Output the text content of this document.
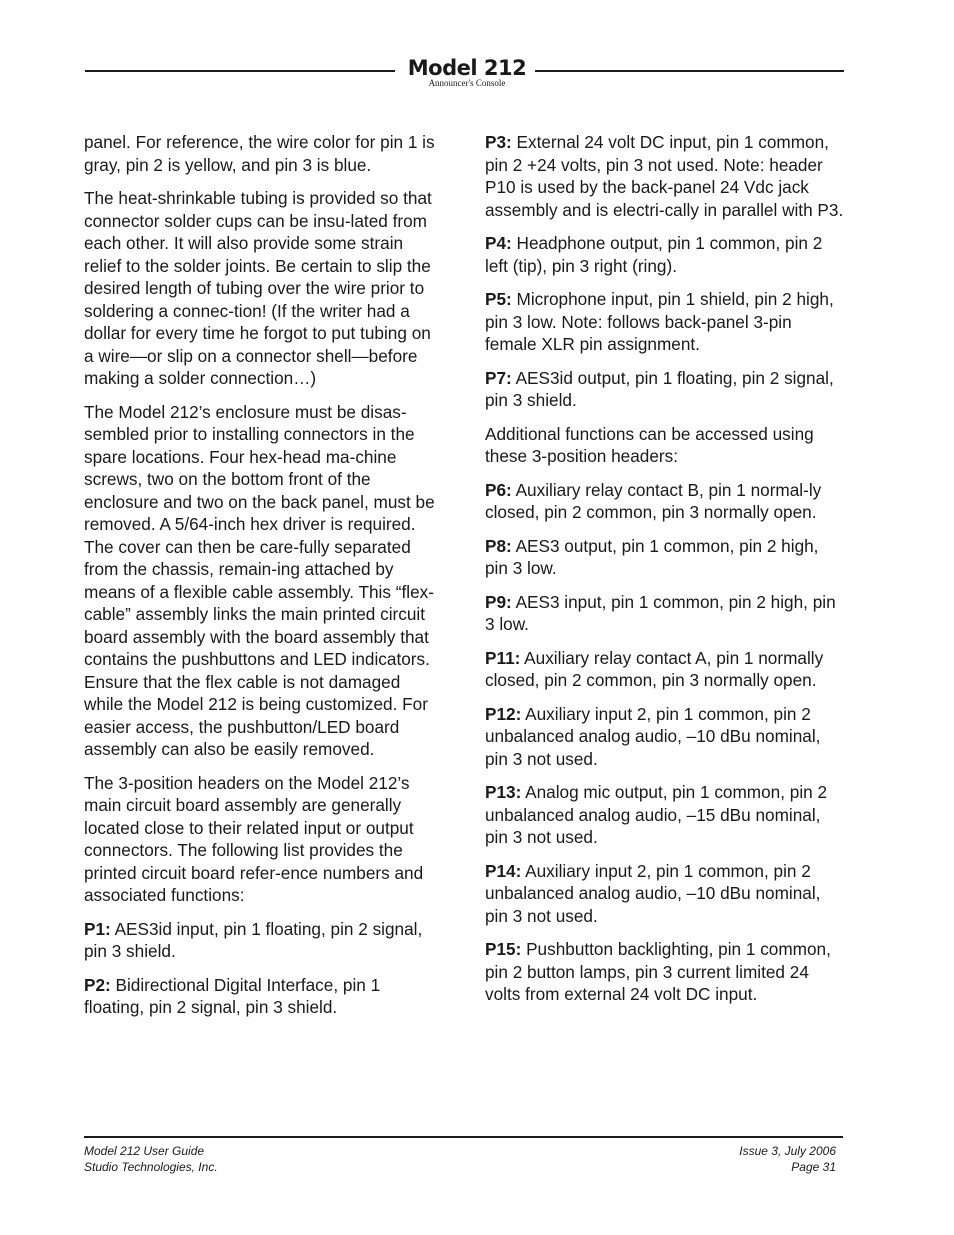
Model 212
Announcer's Console

panel. For reference, the wire color for pin 1 is gray, pin 2 is yellow, and pin 3 is blue.

The heat-shrinkable tubing is provided so that connector solder cups can be insu-lated from each other. It will also provide some strain relief to the solder joints. Be certain to slip the desired length of tubing over the wire prior to soldering a connec-tion! (If the writer had a dollar for every time he forgot to put tubing on a wire—or slip on a connector shell—before making a solder connection…)

The Model 212’s enclosure must be disas-sembled prior to installing connectors in the spare locations. Four hex-head ma-chine screws, two on the bottom front of the enclosure and two on the back panel, must be removed. A 5/64-inch hex driver is required. The cover can then be care-fully separated from the chassis, remain-ing attached by means of a flexible cable assembly. This “flex-cable” assembly links the main printed circuit board assembly with the board assembly that contains the pushbuttons and LED indicators. Ensure that the flex cable is not damaged while the Model 212 is being customized. For easier access, the pushbutton/LED board assembly can also be easily removed.

The 3-position headers on the Model 212’s main circuit board assembly are generally located close to their related input or output connectors. The following list provides the printed circuit board refer-ence numbers and associated functions:

P1: AES3id input, pin 1 floating, pin 2 signal, pin 3 shield.

P2: Bidirectional Digital Interface, pin 1 floating, pin 2 signal, pin 3 shield.

P3: External 24 volt DC input, pin 1 common, pin 2 +24 volts, pin 3 not used. Note: header P10 is used by the back-panel 24 Vdc jack assembly and is electri-cally in parallel with P3.

P4: Headphone output, pin 1 common, pin 2 left (tip), pin 3 right (ring).

P5: Microphone input, pin 1 shield, pin 2 high, pin 3 low. Note: follows back-panel 3-pin female XLR pin assignment.

P7: AES3id output, pin 1 floating, pin 2 signal, pin 3 shield.

Additional functions can be accessed using these 3-position headers:

P6: Auxiliary relay contact B, pin 1 normal-ly closed, pin 2 common, pin 3 normally open.

P8: AES3 output, pin 1 common, pin 2 high, pin 3 low.

P9: AES3 input, pin 1 common, pin 2 high, pin 3 low.

P11: Auxiliary relay contact A, pin 1 normally closed, pin 2 common, pin 3 normally open.

P12: Auxiliary input 2, pin 1 common, pin 2 unbalanced analog audio, –10 dBu nominal, pin 3 not used.

P13: Analog mic output, pin 1 common, pin 2 unbalanced analog audio, –15 dBu nominal, pin 3 not used.

P14: Auxiliary input 2, pin 1 common, pin 2 unbalanced analog audio, –10 dBu nominal, pin 3 not used.

P15: Pushbutton backlighting, pin 1 common, pin 2 button lamps, pin 3 current limited 24 volts from external 24 volt DC input.

Model 212 User Guide
Studio Technologies, Inc.
Issue 3, July 2006
Page 31
